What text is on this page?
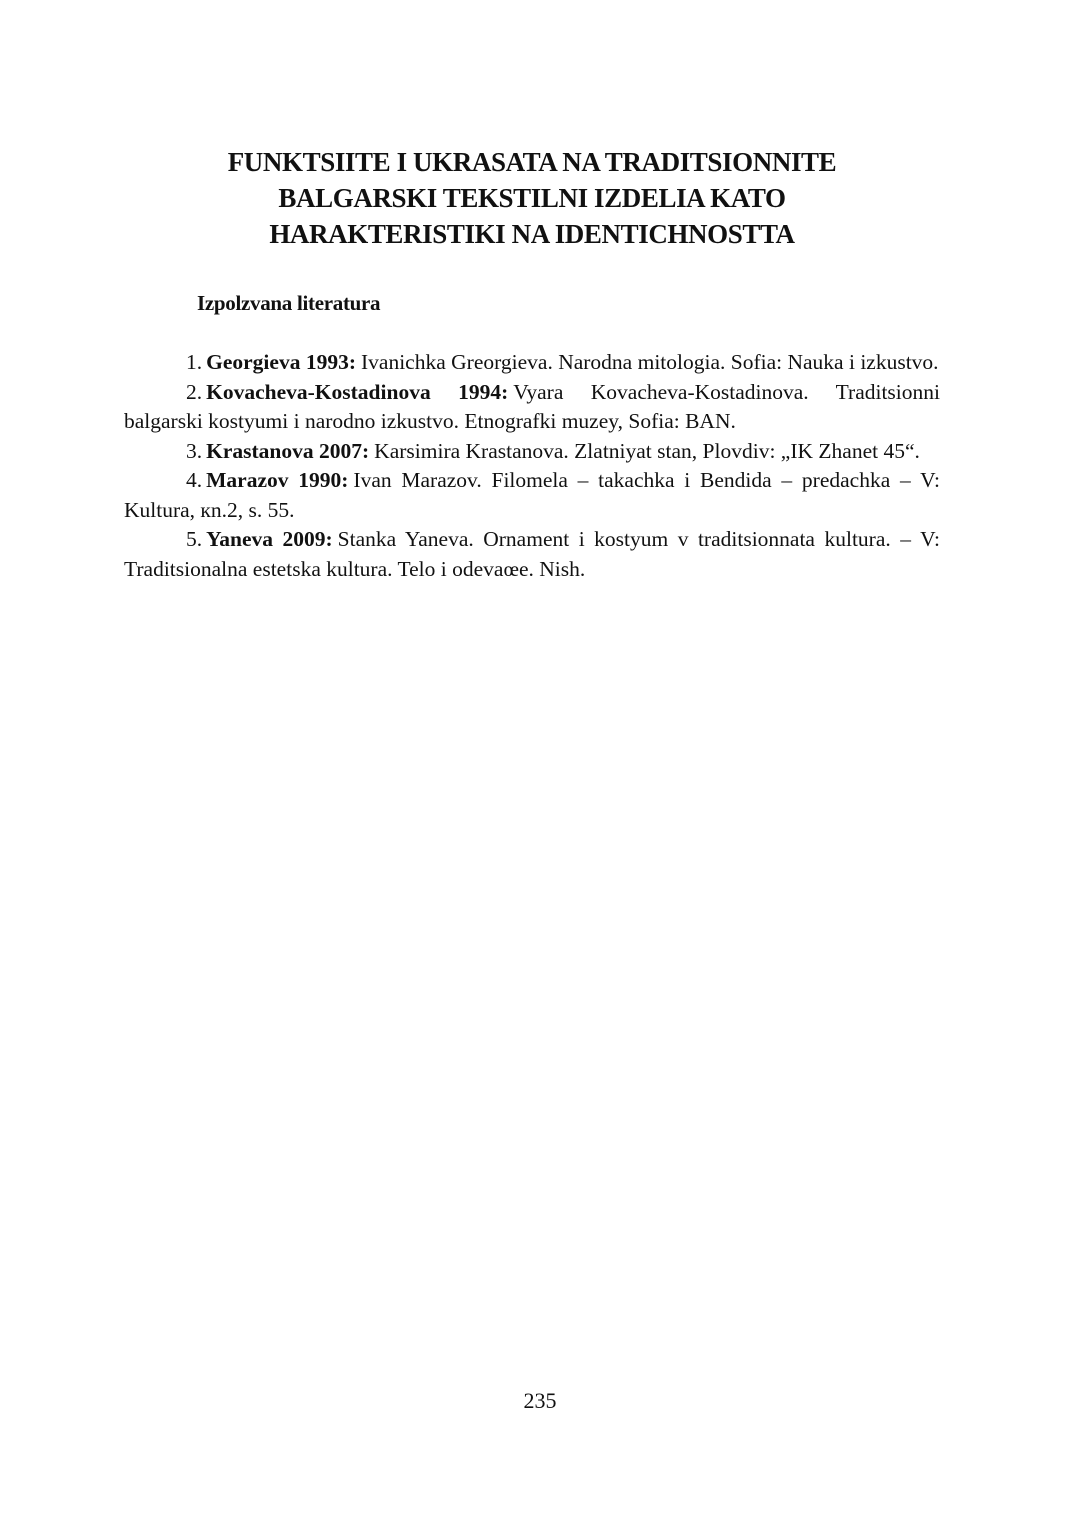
FUNKTSIITE I UKRASATA NA TRADITSIONNITE
BALGARSKI TEKSTILNI IZDELIA KATO
HARAKTERISTIKI NA IDENTICHNOSTTA
Izpolzvana literatura

1. Georgieva 1993: Ivanichka Greorgieva. Narodna mitologia. Sofia: Nauka i izkustvo.

2. Kovacheva-Kostadinova 1994: Vyara Kovacheva-Kostadinova. Traditsionni balgarski kostyumi i narodno izkustvo. Etnografki muzey, Sofia: BAN.

3. Krastanova 2007: Karsimira Krastanova. Zlatniyat stan, Plovdiv: „IK Zhanet 45“.

4. Marazov 1990: Ivan Marazov. Filomela – takachka i Bendida – predachka – V: Kultura, кn.2, s. 55.

5. Yaneva 2009: Stanka Yaneva. Ornament i kostyum v traditsionnata kultura. – V: Traditsionalna estetska kultura. Telo i odevaœe. Nish.

235
